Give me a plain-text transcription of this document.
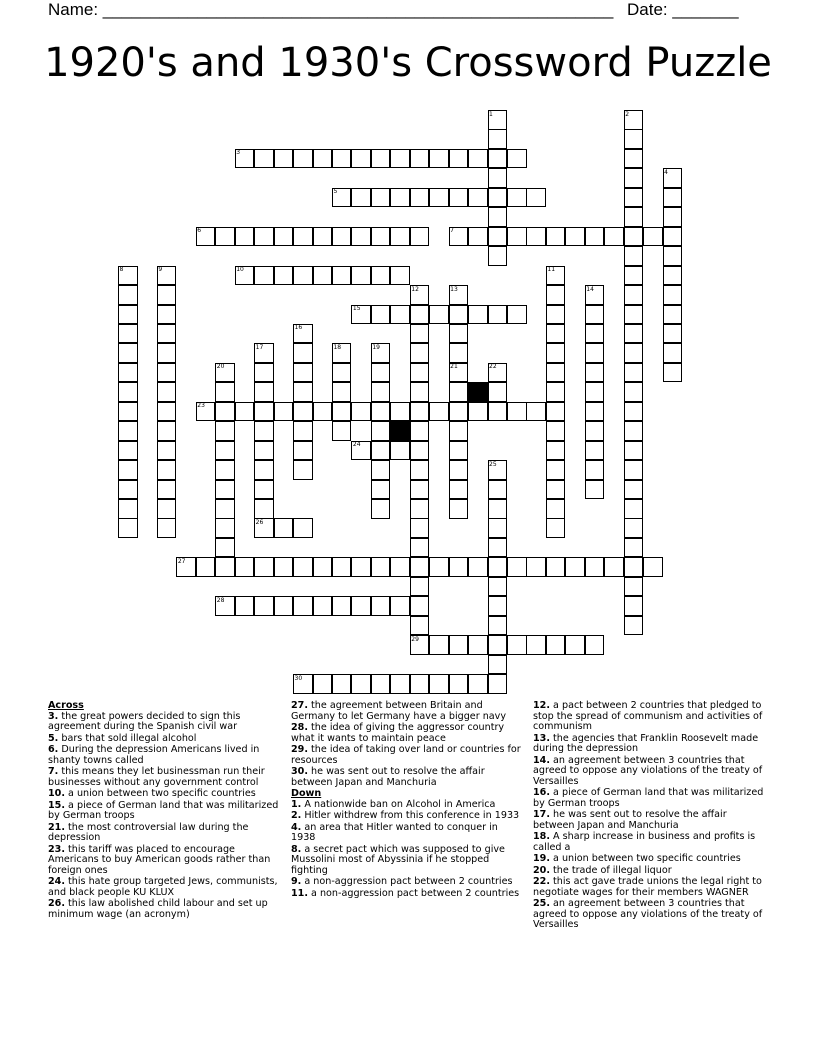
Name: ______________________________________________________ Date: _______
1920's and 1930's Crossword Puzzle
1	2
3
4
5
6	7
8	9	10	11
12	13	14
15
16
17	18	19
20	21	22
23
24
25
26
27
28
29
30
Across
3. the great powers decided to sign this agreement during the Spanish civil war
5. bars that sold illegal alcohol
6. During the depression Americans lived in shanty towns called
7. this means they let businessman run their businesses without any government control
10. a union between two specific countries
15. a piece of German land that was militarized by German troops
21. the most controversial law during the depression
23. this tariff was placed to encourage Americans to buy American goods rather than foreign ones
24. this hate group targeted Jews, communists, and black people KU KLUX
26. this law abolished child labour and set up minimum wage (an acronym)
27. the agreement between Britain and Germany to let Germany have a bigger navy
28. the idea of giving the aggressor country what it wants to maintain peace
29. the idea of taking over land or countries for resources
30. he was sent out to resolve the affair between Japan and Manchuria
Down
1. A nationwide ban on Alcohol in America
2. Hitler withdrew from this conference in 1933
4. an area that Hitler wanted to conquer in 1938
8. a secret pact which was supposed to give Mussolini most of Abyssinia if he stopped fighting
9. a non-aggression pact between 2 countries
11. a non-aggression pact between 2 countries
12. a pact between 2 countries that pledged to stop the spread of communism and activities of communism
13. the agencies that Franklin Roosevelt made during the depression
14. an agreement between 3 countries that agreed to oppose any violations of the treaty of Versailles
16. a piece of German land that was militarized by German troops
17. he was sent out to resolve the affair between Japan and Manchuria
18. A sharp increase in business and profits is called a
19. a union between two specific countries
20. the trade of illegal liquor
22. this act gave trade unions the legal right to negotiate wages for their members WAGNER
25. an agreement between 3 countries that agreed to oppose any violations of the treaty of Versailles
